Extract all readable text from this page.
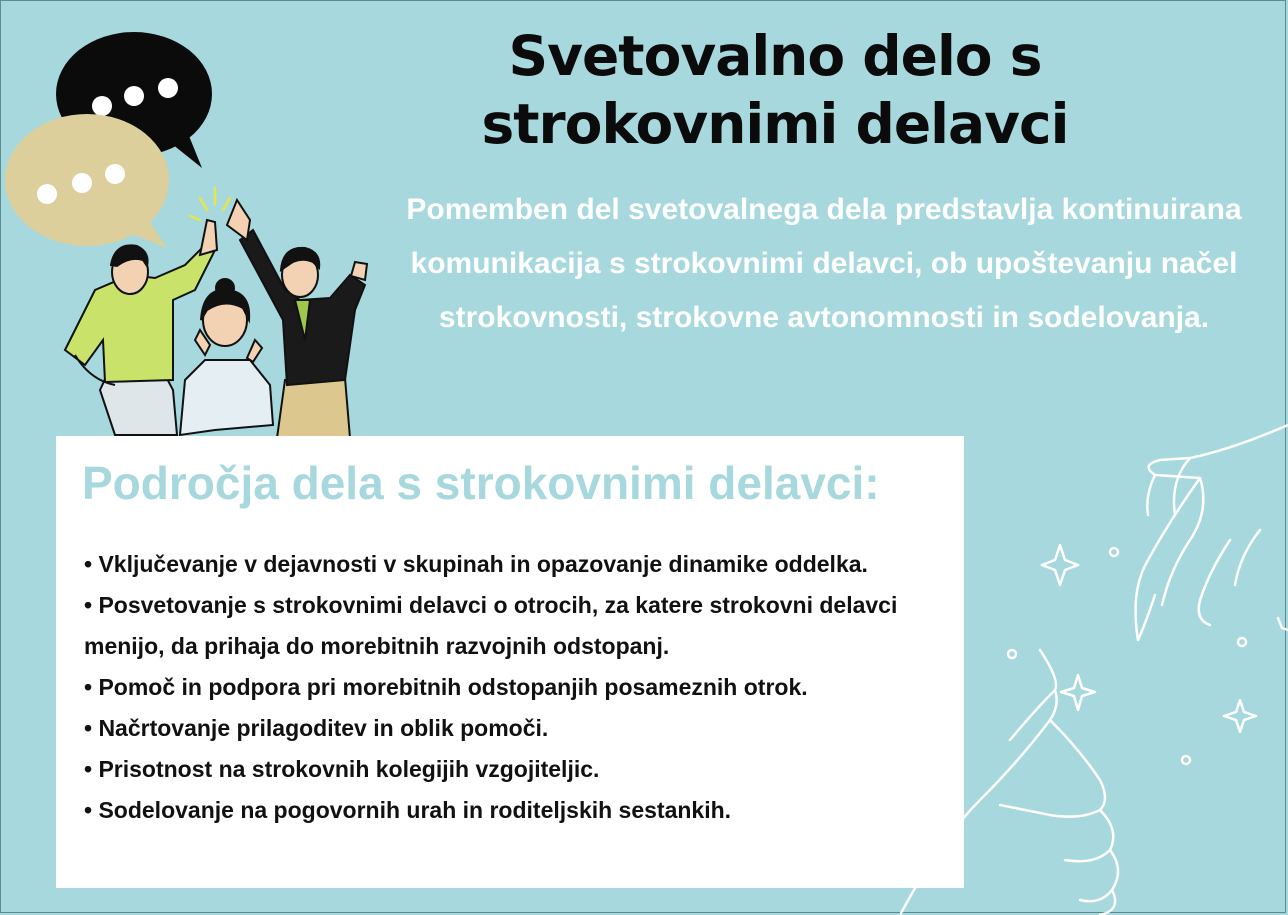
Svetovalno delo s strokovnimi delavci
Pomemben del svetovalnega dela predstavlja kontinuirana komunikacija s strokovnimi delavci, ob upoštevanju načel strokovnosti, strokovne avtonomnosti in sodelovanja.
Področja dela s strokovnimi delavci:
• Vključevanje v dejavnosti v skupinah in opazovanje dinamike oddelka.
• Posvetovanje s strokovnimi delavci o otrocih, za katere strokovni delavci menijo, da prihaja do morebitnih razvojnih odstopanj.
• Pomoč in podpora pri morebitnih odstopanjih posameznih otrok.
• Načrtovanje prilagoditev in oblik pomoči.
• Prisotnost na strokovnih kolegijih vzgojiteljic.
• Sodelovanje na pogovornih urah in roditeljskih sestankih.
